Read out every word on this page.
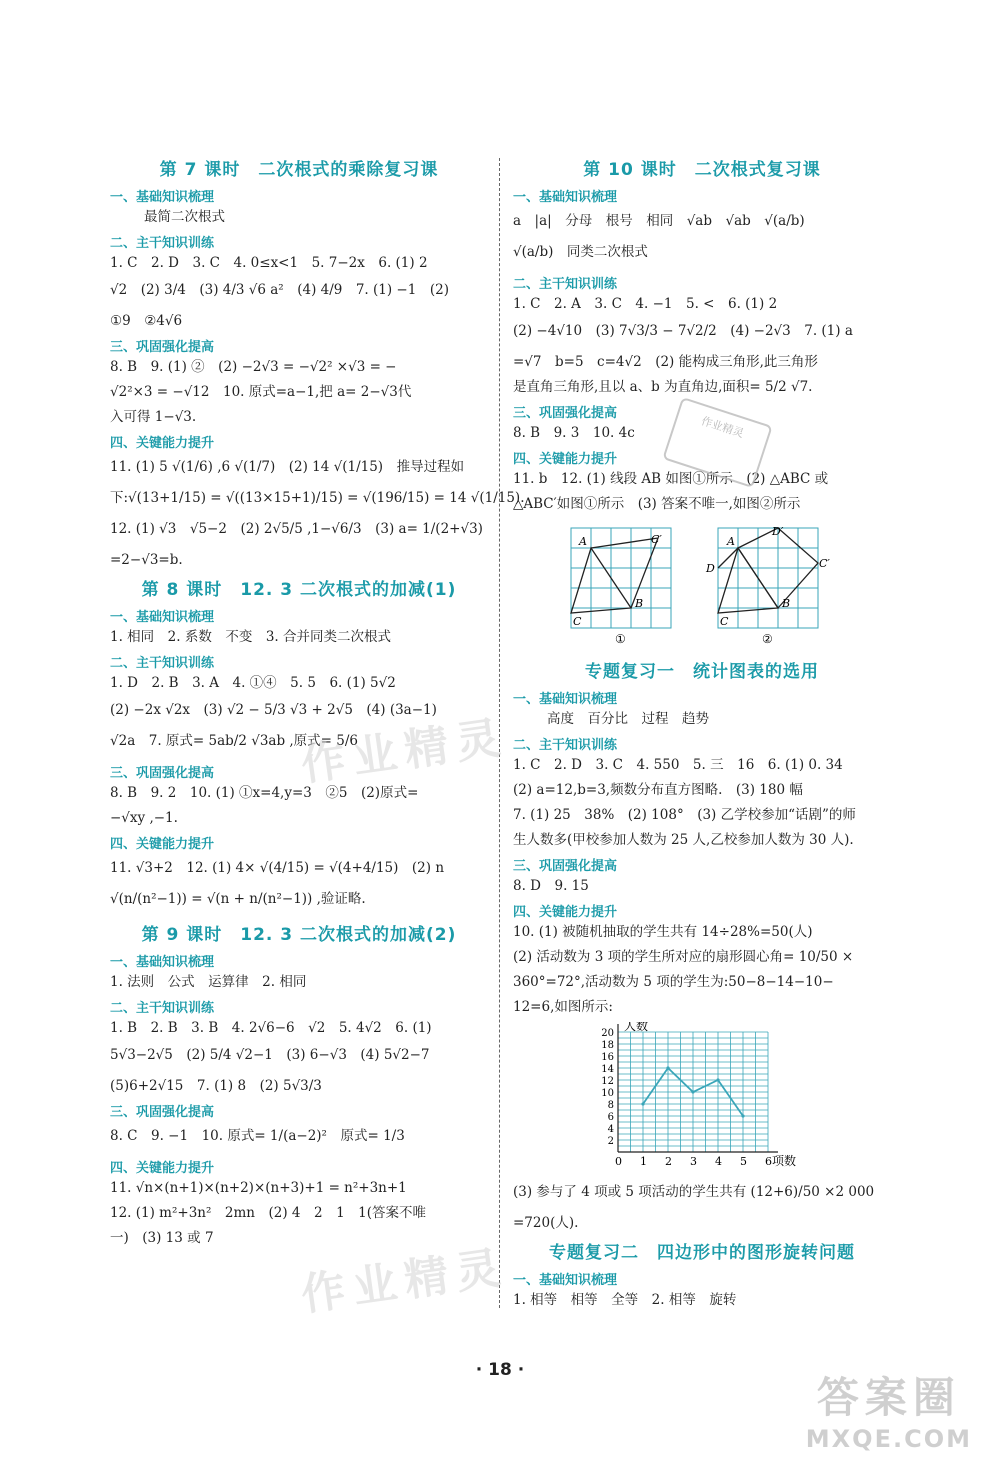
第 7 课时　二次根式的乘除复习课
一、基础知识梳理
最简二次根式
二、主干知识训练
1. C　2. D　3. C　4. 0≤x<1　5. 7−2x　6. (1) 2
√2　(2) 3/4　(3) 4/3 √6 a²　(4) 4/9　7. (1) −1　(2)
①9　②4√6
三、巩固强化提高
8. B　9. (1) ②　(2) −2√3 = −√2² ×√3 = −
√2²×3 = −√12　10. 原式=a−1,把 a= 2−√3代
入可得 1−√3.
四、关键能力提升
11. (1) 5 √(1/6) ,6 √(1/7)　(2) 14 √(1/15)　推导过程如
下:√(13+1/15) = √((13×15+1)/15) = √(196/15) = 14 √(1/15).
12. (1) √3　√5−2　(2) 2√5/5 ,1−√6/3　(3) a= 1/(2+√3)
=2−√3=b.
第 8 课时　12. 3 二次根式的加减(1)
一、基础知识梳理
1. 相同　2. 系数　不变　3. 合并同类二次根式
二、主干知识训练
1. D　2. B　3. A　4. ①④　5. 5　6. (1) 5√2
(2) −2x √2x　(3) √2 − 5/3 √3 + 2√5　(4) (3a−1)
√2a　7. 原式= 5ab/2 √3ab ,原式= 5/6
三、巩固强化提高
8. B　9. 2　10. (1) ①x=4,y=3　②5　(2)原式=
−√xy ,−1.
四、关键能力提升
11. √3+2　12. (1) 4× √(4/15) = √(4+4/15)　(2) n
√(n/(n²−1)) = √(n + n/(n²−1)) ,验证略.
第 9 课时　12. 3 二次根式的加减(2)
一、基础知识梳理
1. 法则　公式　运算律　2. 相同
二、主干知识训练
1. B　2. B　3. B　4. 2√6−6　√2　5. 4√2　6. (1)
5√3−2√5　(2) 5/4 √2−1　(3) 6−√3　(4) 5√2−7
(5)6+2√15　7. (1) 8　(2) 5√3/3
三、巩固强化提高
8. C　9. −1　10. 原式= 1/(a−2)²　原式= 1/3
四、关键能力提升
11. √n×(n+1)×(n+2)×(n+3)+1 = n²+3n+1
12. (1) m²+3n²　2mn　(2) 4　2　1　1(答案不唯
一)　(3) 13 或 7
第 10 课时　二次根式复习课
一、基础知识梳理
a　|a|　分母　根号　相同　√ab　√ab　√(a/b)
√(a/b)　同类二次根式
二、主干知识训练
1. C　2. A　3. C　4. −1　5. <　6. (1) 2
(2) −4√10　(3) 7√3/3 − 7√2/2　(4) −2√3　7. (1) a
=√7　b=5　c=4√2　(2) 能构成三角形,此三角形
是直角三角形,且以 a、b 为直角边,面积= 5/2 √7.
三、巩固强化提高
8. B　9. 3　10. 4c
四、关键能力提升
11. b　12. (1) 线段 AB 如图①所示　(2) △ABC 或
△ABC′如图①所示　(3) 答案不唯一,如图②所示
A
B
C
C′
①
A
B
C
C′
D
D′
②
专题复习一　统计图表的选用
一、基础知识梳理
高度　百分比　过程　趋势
二、主干知识训练
1. C　2. D　3. C　4. 550　5. 三　16　6. (1) 0. 34
(2) a=12,b=3,频数分布直方图略.　(3) 180 幅
7. (1) 25　38%　(2) 108°　(3) 乙学校参加“话剧”的师
生人数多(甲校参加人数为 25 人,乙校参加人数为 30 人).
三、巩固强化提高
8. D　9. 15
四、关键能力提升
10. (1) 被随机抽取的学生共有 14÷28%=50(人)
(2) 活动数为 3 项的学生所对应的扇形圆心角= 10/50 ×
360°=72°,活动数为 5 项的学生为:50−8−14−10−
12=6,如图所示:
0 1 2 3 4 5 6
2
4
6
8
10
12
14
16
18
20
人数
项数
(3) 参与了 4 项或 5 项活动的学生共有 (12+6)/50 ×2 000
=720(人).
专题复习二　四边形中的图形旋转问题
一、基础知识梳理
1. 相等　相等　全等　2. 相等　旋转
· 18 ·
作业精灵
作业精灵
作业精灵
答案圈
MXQE.COM
